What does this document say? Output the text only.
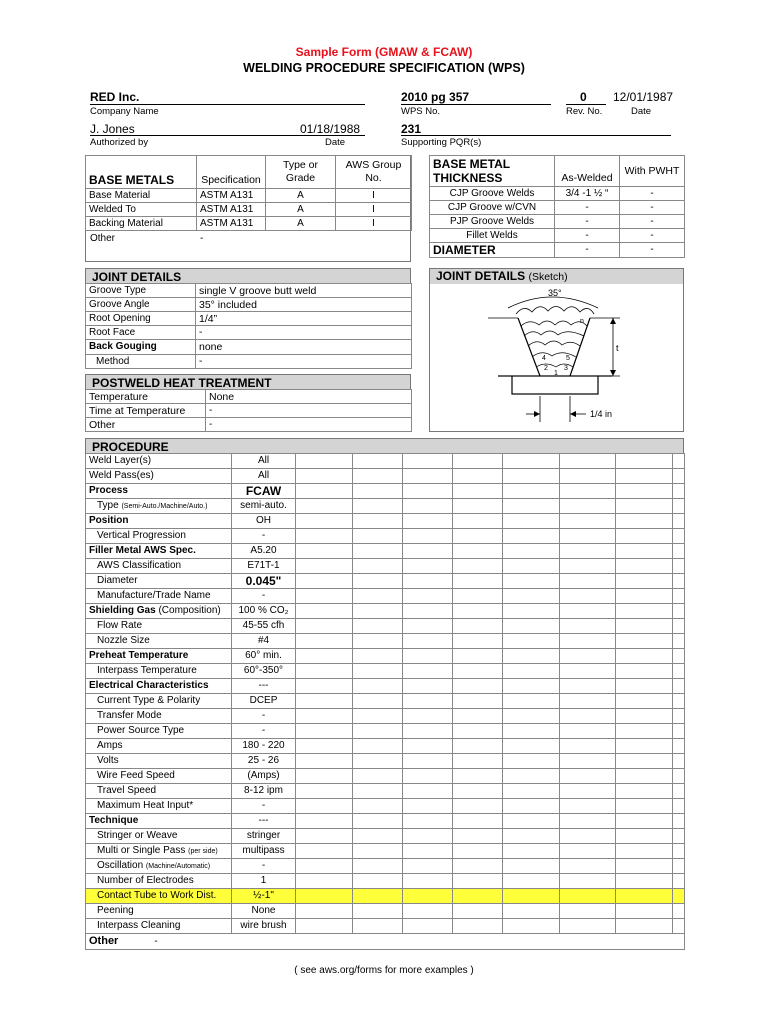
Sample Form (GMAW & FCAW)
WELDING PROCEDURE SPECIFICATION (WPS)
RED Inc.
Company Name
2010 pg 357
WPS No.
0
Rev. No.
12/01/1987
Date
J. Jones
Authorized by
01/18/1988
Date
231
Supporting PQR(s)
BASE METALS	Specification	Type or Grade	AWS Group No.
Base Material	ASTM A131	A	I
Welded To	ASTM A131	A	I
Backing Material	ASTM A131	A	I
Other	-
BASE METAL THICKNESS	As-Welded	With PWHT
CJP Groove Welds	3/4 -1 ½ “	-
CJP Groove w/CVN	-	-
PJP Groove Welds	-	-
Fillet Welds	-	-
DIAMETER	-	-
JOINT DETAILS
Groove Type	single V groove butt weld
Groove Angle	35° included
Root Opening	1/4”
Root Face	-
Back Gouging	none
Method	-
JOINT DETAILS (Sketch)
35°
n
4	5
2 3
1
t
1/4 in
POSTWELD HEAT TREATMENT
Temperature	None
Time at Temperature	-
Other	-
PROCEDURE
Weld Layer(s)	All								
Weld Pass(es)	All								
Process	FCAW								
Type (Semi-Auto./Machine/Auto.)	semi-auto.								
Position	OH								
Vertical Progression	-								
Filler Metal AWS Spec.	A5.20								
AWS Classification	E71T-1								
Diameter	0.045"								
Manufacture/Trade Name	-								
Shielding Gas (Composition)	100 % CO₂								
Flow Rate	45-55 cfh								
Nozzle Size	#4								
Preheat Temperature	60° min.								
Interpass Temperature	60°-350°								
Electrical Characteristics	---								
Current Type & Polarity	DCEP								
Transfer Mode	-								
Power Source Type	-								
Amps	180 - 220								
Volts	25 - 26								
Wire Feed Speed	(Amps)								
Travel Speed	8-12 ipm								
Maximum Heat Input*	-								
Technique	---								
Stringer or Weave	stringer								
Multi or Single Pass (per side)	multipass								
Oscillation (Machine/Automatic)	-								
Number of Electrodes	1								
Contact Tube to Work Dist.	½-1"								
Peening	None								
Interpass Cleaning	wire brush								
Other -									
( see aws.org/forms for more examples )
